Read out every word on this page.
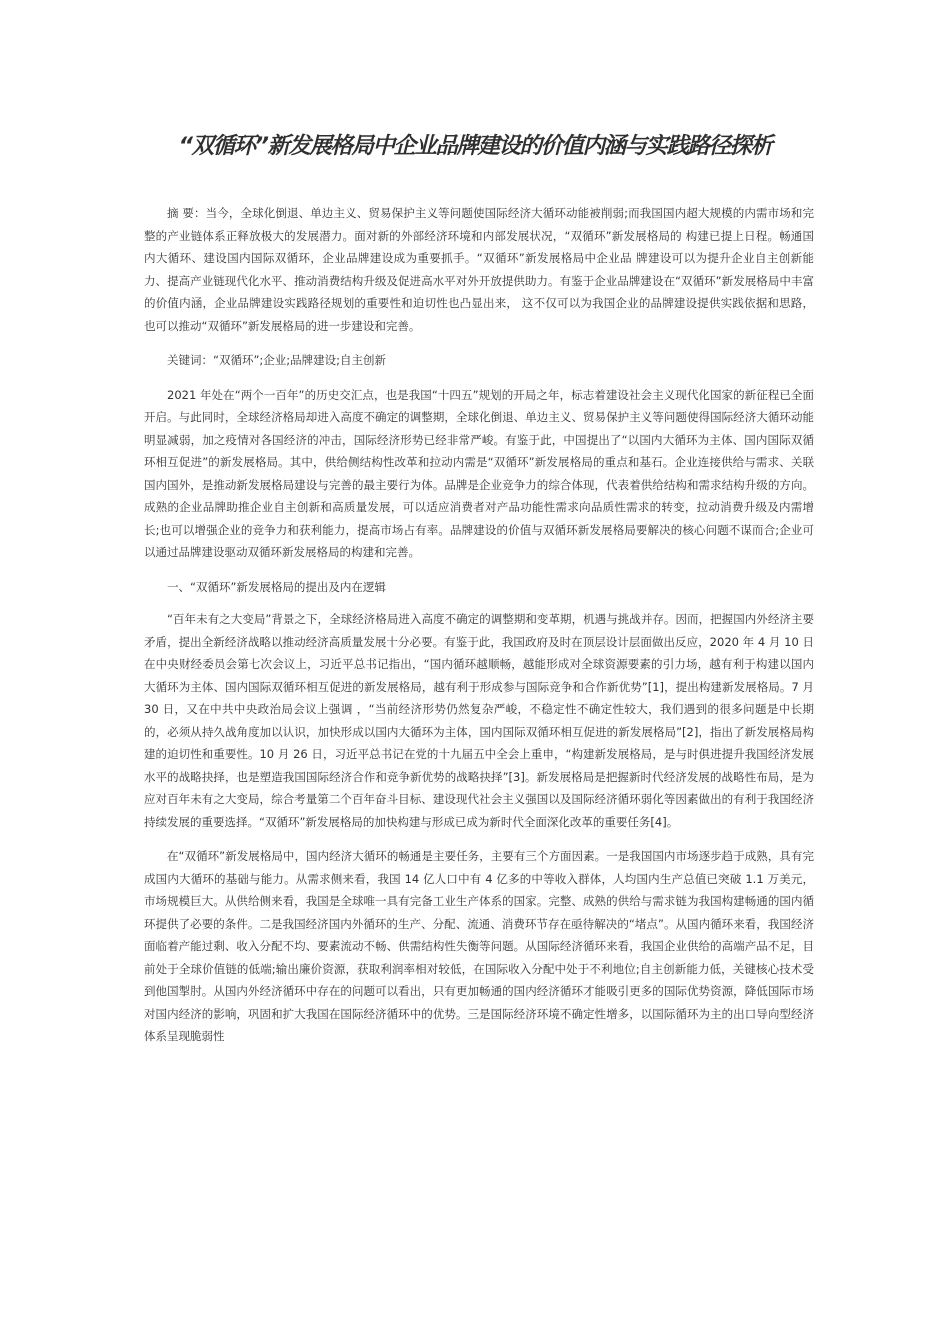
“双循环”新发展格局中企业品牌建设的价值内涵与实践路径探析

摘 要：当今，全球化倒退、单边主义、贸易保护主义等问题使国际经济大循环动能被削弱;而我国国内超大规模的内需市场和完整的产业链体系正释放极大的发展潜力。面对新的外部经济环境和内部发展状况，“双循环”新发展格局的 构建已提上日程。畅通国内大循环、建设国内国际双循环，企业品牌建设成为重要抓手。“双循环”新发展格局中企业品 牌建设可以为提升企业自主创新能力、提高产业链现代化水平、推动消费结构升级及促进高水平对外开放提供助力。有鉴于企业品牌建设在“双循环”新发展格局中丰富的价值内涵，企业品牌建设实践路径规划的重要性和迫切性也凸显出来， 这不仅可以为我国企业的品牌建设提供实践依据和思路，也可以推动“双循环”新发展格局的进一步建设和完善。

关键词：“双循环”;企业;品牌建设;自主创新

2021 年处在“两个一百年”的历史交汇点，也是我国“十四五”规划的开局之年，标志着建设社会主义现代化国家的新征程已全面开启。与此同时，全球经济格局却进入高度不确定的调整期，全球化倒退、单边主义、贸易保护主义等问题使得国际经济大循环动能明显减弱，加之疫情对各国经济的冲击，国际经济形势已经非常严峻。有鉴于此，中国提出了“以国内大循环为主体、国内国际双循环相互促进”的新发展格局。其中，供给侧结构性改革和拉动内需是“双循环”新发展格局的重点和基石。企业连接供给与需求、关联国内国外，是推动新发展格局建设与完善的最主要行为体。品牌是企业竞争力的综合体现，代表着供给结构和需求结构升级的方向。成熟的企业品牌助推企业自主创新和高质量发展，可以适应消费者对产品功能性需求向品质性需求的转变，拉动消费升级及内需增长;也可以增强企业的竞争力和获利能力，提高市场占有率。品牌建设的价值与双循环新发展格局要解决的核心问题不谋而合;企业可以通过品牌建设驱动双循环新发展格局的构建和完善。

一、“双循环”新发展格局的提出及内在逻辑

“百年未有之大变局”背景之下，全球经济格局进入高度不确定的调整期和变革期，机遇与挑战并存。因而，把握国内外经济主要矛盾，提出全新经济战略以推动经济高质量发展十分必要。有鉴于此，我国政府及时在顶层设计层面做出反应，2020 年 4 月 10 日在中央财经委员会第七次会议上，习近平总书记指出，“国内循环越顺畅，越能形成对全球资源要素的引力场，越有利于构建以国内大循环为主体、国内国际双循环相互促进的新发展格局，越有利于形成参与国际竞争和合作新优势”[1]，提出构建新发展格局。7 月 30 日，又在中共中央政治局会议上强调 ，“当前经济形势仍然复杂严峻，不稳定性不确定性较大，我们遇到的很多问题是中长期的，必须从持久战角度加以认识，加快形成以国内大循环为主体，国内国际双循环相互促进的新发展格局”[2]，指出了新发展格局构建的迫切性和重要性。10 月 26 日，习近平总书记在党的十九届五中全会上重申，“构建新发展格局，是与时俱进提升我国经济发展水平的战略抉择，也是塑造我国国际经济合作和竞争新优势的战略抉择”[3]。新发展格局是把握新时代经济发展的战略性布局，是为应对百年未有之大变局，综合考量第二个百年奋斗目标、建设现代社会主义强国以及国际经济循环弱化等因素做出的有利于我国经济持续发展的重要选择。“双循环”新发展格局的加快构建与形成已成为新时代全面深化改革的重要任务[4]。

在“双循环”新发展格局中，国内经济大循环的畅通是主要任务，主要有三个方面因素。一是我国国内市场逐步趋于成熟，具有完成国内大循环的基础与能力。从需求侧来看，我国 14 亿人口中有 4 亿多的中等收入群体，人均国内生产总值已突破 1.1 万美元，市场规模巨大。从供给侧来看，我国是全球唯一具有完备工业生产体系的国家。完整、成熟的供给与需求链为我国构建畅通的国内循环提供了必要的条件。二是我国经济国内外循环的生产、分配、流通、消费环节存在亟待解决的“堵点”。从国内循环来看，我国经济面临着产能过剩、收入分配不均、要素流动不畅、供需结构性失衡等问题。从国际经济循环来看，我国企业供给的高端产品不足，目前处于全球价值链的低端;输出廉价资源，获取利润率相对较低，在国际收入分配中处于不利地位;自主创新能力低，关键核心技术受到他国掣肘。从国内外经济循环中存在的问题可以看出，只有更加畅通的国内经济循环才能吸引更多的国际优势资源，降低国际市场对国内经济的影响，巩固和扩大我国在国际经济循环中的优势。三是国际经济环境不确定性增多，以国际循环为主的出口导向型经济体系呈现脆弱性
